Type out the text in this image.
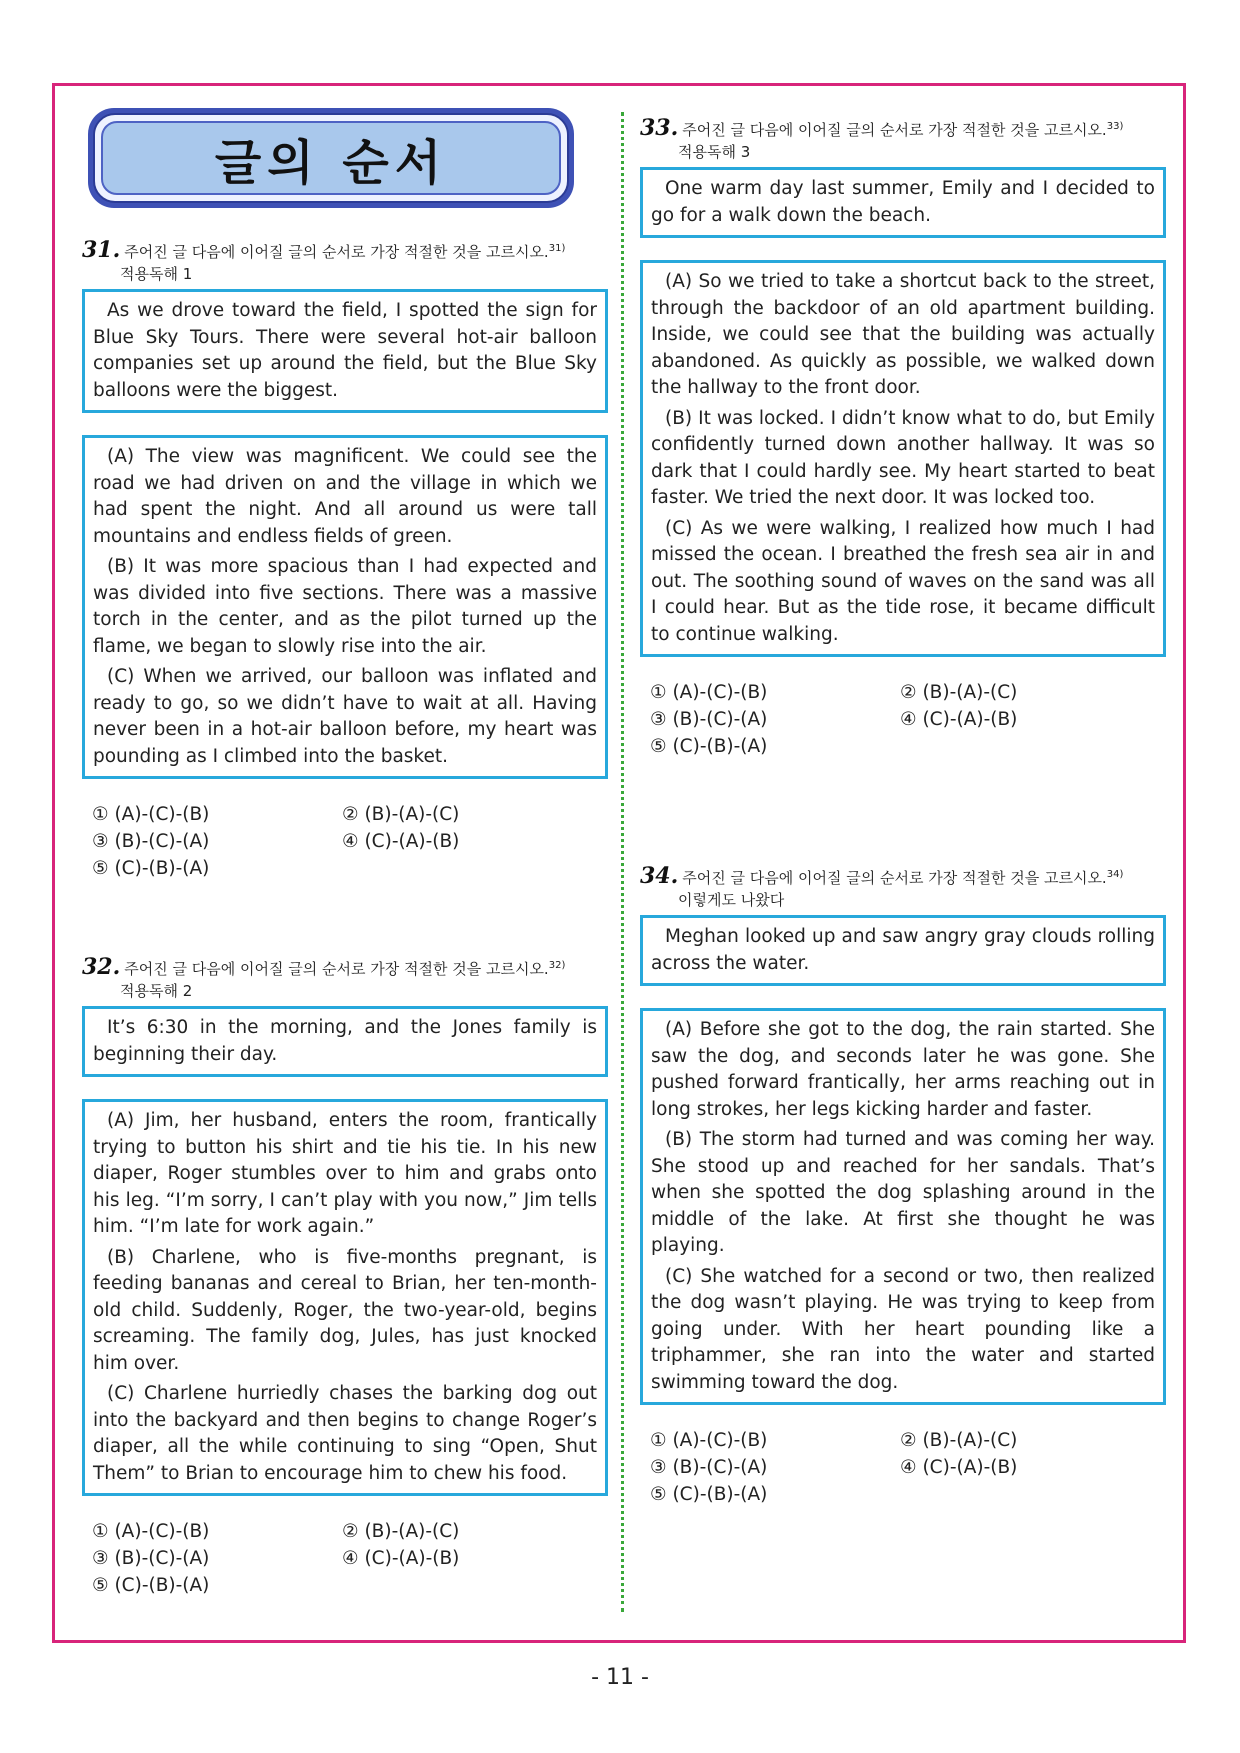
글의 순서
31. 주어진 글 다음에 이어질 글의 순서로 가장 적절한 것을 고르시오.$^{31)}$
적용독해 1

As we drove toward the field, I spotted the sign for Blue Sky Tours. There were several hot-air balloon companies set up around the field, but the Blue Sky balloons were the biggest.

(A) The view was magnificent. We could see the road we had driven on and the village in which we had spent the night. And all around us were tall mountains and endless fields of green.

(B) It was more spacious than I had expected and was divided into five sections. There was a massive torch in the center, and as the pilot turned up the flame, we began to slowly rise into the air.

(C) When we arrived, our balloon was inflated and ready to go, so we didn’t have to wait at all. Having never been in a hot-air balloon before, my heart was pounding as I climbed into the basket.

① (A)-(C)-(B)	② (B)-(A)-(C)
③ (B)-(C)-(A)	④ (C)-(A)-(B)
⑤ (C)-(B)-(A)
32. 주어진 글 다음에 이어질 글의 순서로 가장 적절한 것을 고르시오.$^{32)}$
적용독해 2

It’s 6:30 in the morning, and the Jones family is beginning their day.

(A) Jim, her husband, enters the room, frantically trying to button his shirt and tie his tie. In his new diaper, Roger stumbles over to him and grabs onto his leg. “I’m sorry, I can’t play with you now,” Jim tells him. “I’m late for work again.”

(B) Charlene, who is five-months pregnant, is feeding bananas and cereal to Brian, her ten-month-old child. Suddenly, Roger, the two-year-old, begins screaming. The family dog, Jules, has just knocked him over.

(C) Charlene hurriedly chases the barking dog out into the backyard and then begins to change Roger’s diaper, all the while continuing to sing “Open, Shut Them” to Brian to encourage him to chew his food.

① (A)-(C)-(B)	② (B)-(A)-(C)
③ (B)-(C)-(A)	④ (C)-(A)-(B)
⑤ (C)-(B)-(A)
33. 주어진 글 다음에 이어질 글의 순서로 가장 적절한 것을 고르시오.$^{33)}$
적용독해 3

One warm day last summer, Emily and I decided to go for a walk down the beach.

(A) So we tried to take a shortcut back to the street, through the backdoor of an old apartment building. Inside, we could see that the building was actually abandoned. As quickly as possible, we walked down the hallway to the front door.

(B) It was locked. I didn’t know what to do, but Emily confidently turned down another hallway. It was so dark that I could hardly see. My heart started to beat faster. We tried the next door. It was locked too.

(C) As we were walking, I realized how much I had missed the ocean. I breathed the fresh sea air in and out. The soothing sound of waves on the sand was all I could hear. But as the tide rose, it became difficult to continue walking.

① (A)-(C)-(B)	② (B)-(A)-(C)
③ (B)-(C)-(A)	④ (C)-(A)-(B)
⑤ (C)-(B)-(A)
34. 주어진 글 다음에 이어질 글의 순서로 가장 적절한 것을 고르시오.$^{34)}$
이렇게도 나왔다

Meghan looked up and saw angry gray clouds rolling across the water.

(A) Before she got to the dog, the rain started. She saw the dog, and seconds later he was gone. She pushed forward frantically, her arms reaching out in long strokes, her legs kicking harder and faster.

(B) The storm had turned and was coming her way. She stood up and reached for her sandals. That’s when she spotted the dog splashing around in the middle of the lake. At first she thought he was playing.

(C) She watched for a second or two, then realized the dog wasn’t playing. He was trying to keep from going under. With her heart pounding like a triphammer, she ran into the water and started swimming toward the dog.

① (A)-(C)-(B)	② (B)-(A)-(C)
③ (B)-(C)-(A)	④ (C)-(A)-(B)
⑤ (C)-(B)-(A)
- 11 -
